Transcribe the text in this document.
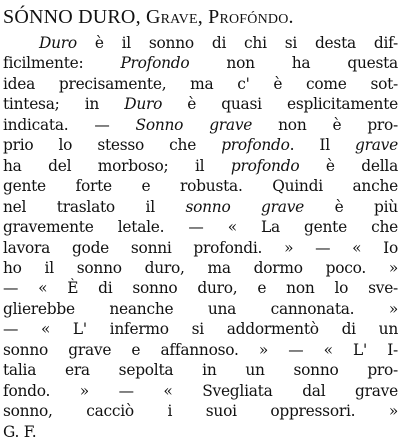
SÓNNO DURO, Grave, Profóndo.
Duro è il sonno di chi si desta dif-
ficilmente: Profondo non ha questa
idea precisamente, ma c' è come sot-
tintesa; in Duro è quasi esplicitamente
indicata. — Sonno grave non è pro-
prio lo stesso che profondo. Il grave
ha del morboso; il profondo è della
gente forte e robusta. Quindi anche
nel traslato il sonno grave è più
gravemente letale. — « La gente che
lavora gode sonni profondi. » — « Io
ho il sonno duro, ma dormo poco. »
— « È di sonno duro, e non lo sve-
glierebbe neanche una cannonata. »
— « L' infermo si addormentò di un
sonno grave e affannoso. » — « L' I-
talia era sepolta in un sonno pro-
fondo. » — « Svegliata dal grave
sonno, cacciò i suoi oppressori. »
G. F.
